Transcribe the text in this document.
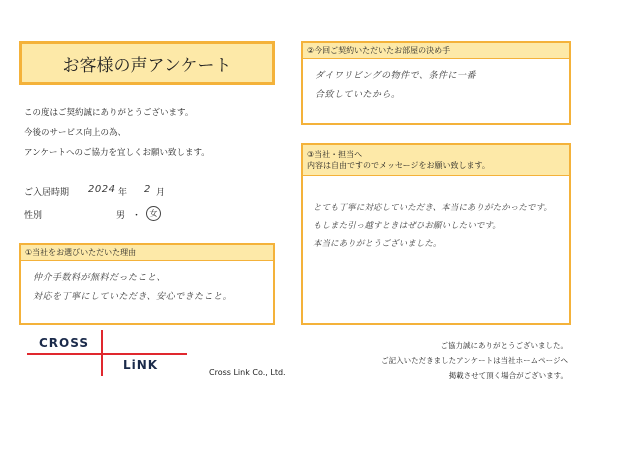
お客様の声アンケート
この度はご契約誠にありがとうございます。
今後のサービス向上の為、
アンケートへのご協力を宜しくお願い致します。
ご入居時期 2024 年 2 月
性別	男 ・	女
①当社をお選びいただいた理由
仲介手数料が無料だったこと、
対応を丁寧にしていただき、安心できたこと。
②今回ご契約いただいたお部屋の決め手
ダイワリビングの物件で、条件に一番
合致していたから。
③当社・担当へ
内容は自由ですのでメッセージをお願い致します。
とても丁寧に対応していただき、本当にありがたかったです。
もしまた引っ越すときはぜひお願いしたいです。
本当にありがとうございました。
CROSS
LiNK
Cross Link Co., Ltd.
ご協力誠にありがとうございました。
ご記入いただきましたアンケートは当社ホームページへ
掲載させて頂く場合がございます。
